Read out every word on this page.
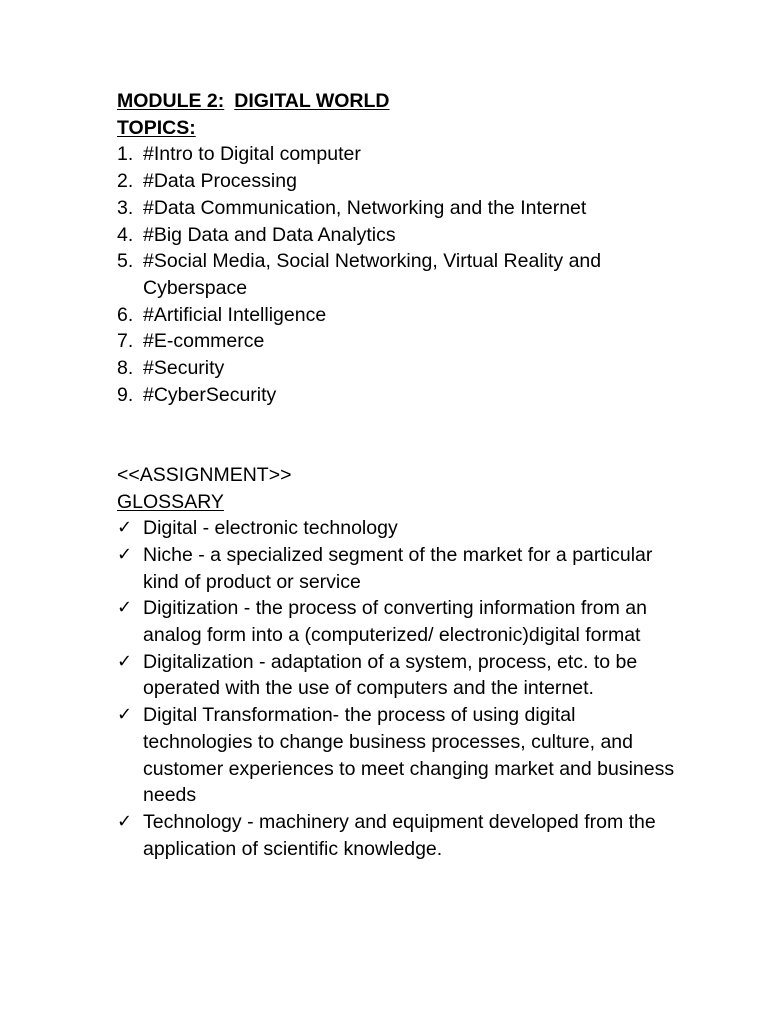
MODULE 2: DIGITAL WORLD
TOPICS:
1. #Intro to Digital computer
2. #Data Processing
3. #Data Communication, Networking and the Internet
4. #Big Data and Data Analytics
5. #Social Media, Social Networking, Virtual Reality and Cyberspace
6. #Artificial Intelligence
7. #E-commerce
8. #Security
9. #CyberSecurity
<<ASSIGNMENT>>
GLOSSARY
✓ Digital - electronic technology
✓ Niche - a specialized segment of the market for a particular kind of product or service
✓ Digitization - the process of converting information from an analog form into a (computerized/ electronic)digital format
✓ Digitalization - adaptation of a system, process, etc. to be operated with the use of computers and the internet.
✓ Digital Transformation- the process of using digital technologies to change business processes, culture, and customer experiences to meet changing market and business needs
✓ Technology - machinery and equipment developed from the application of scientific knowledge.
